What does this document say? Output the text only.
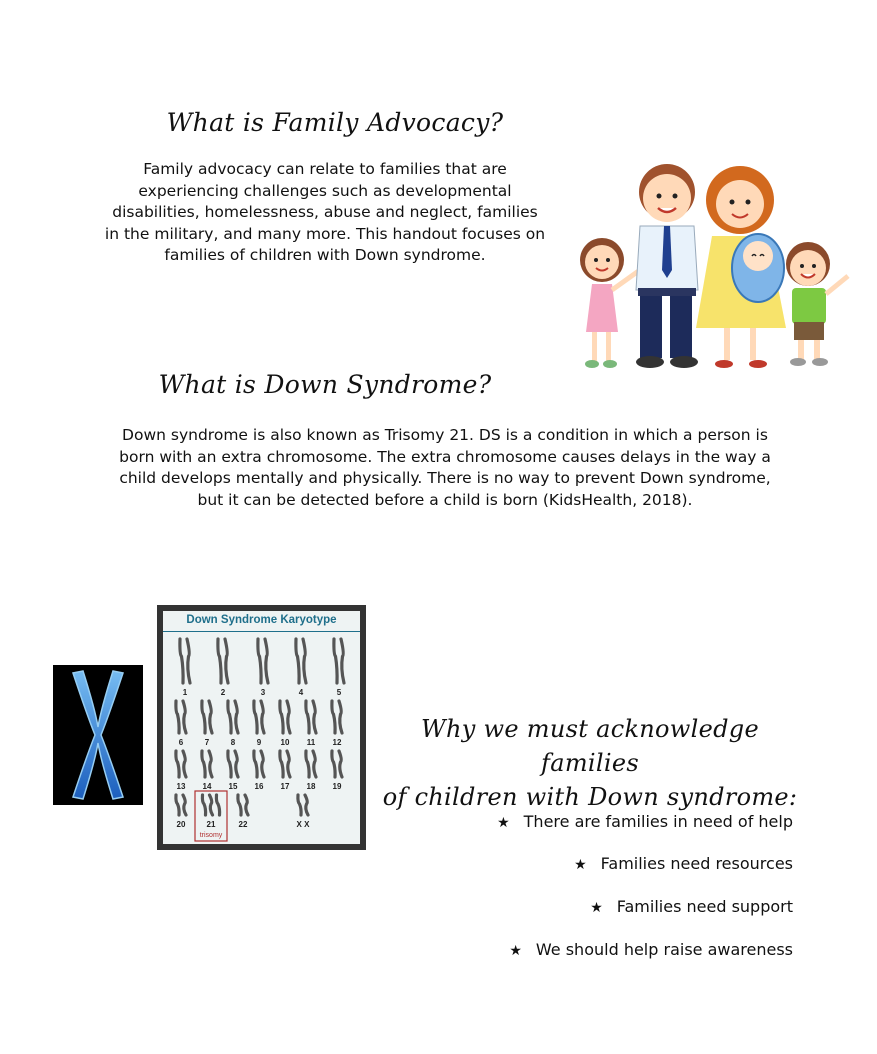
What is Family Advocacy?
Family advocacy can relate to families that are
experiencing challenges such as developmental
disabilities, homelessness, abuse and neglect, families
in the military, and many more. This handout focuses on
families of children with Down syndrome.
What is Down Syndrome?
Down syndrome is also known as Trisomy 21. DS is a condition in which a person is
born with an extra chromosome. The extra chromosome causes delays in the way a
child develops mentally and physically. There is no way to prevent Down syndrome,
but it can be detected before a child is born (KidsHealth, 2018).
Down Syndrome Karyotype
1	2	3	4	5
6	7	8	9 10 11 12
13 14 15 16 17 18 19
20	21
trisomy
22	X X
Why we must acknowledge families
of children with Down syndrome:
★ There are families in need of help
★ Families need resources
★ Families need support
★ We should help raise awareness
